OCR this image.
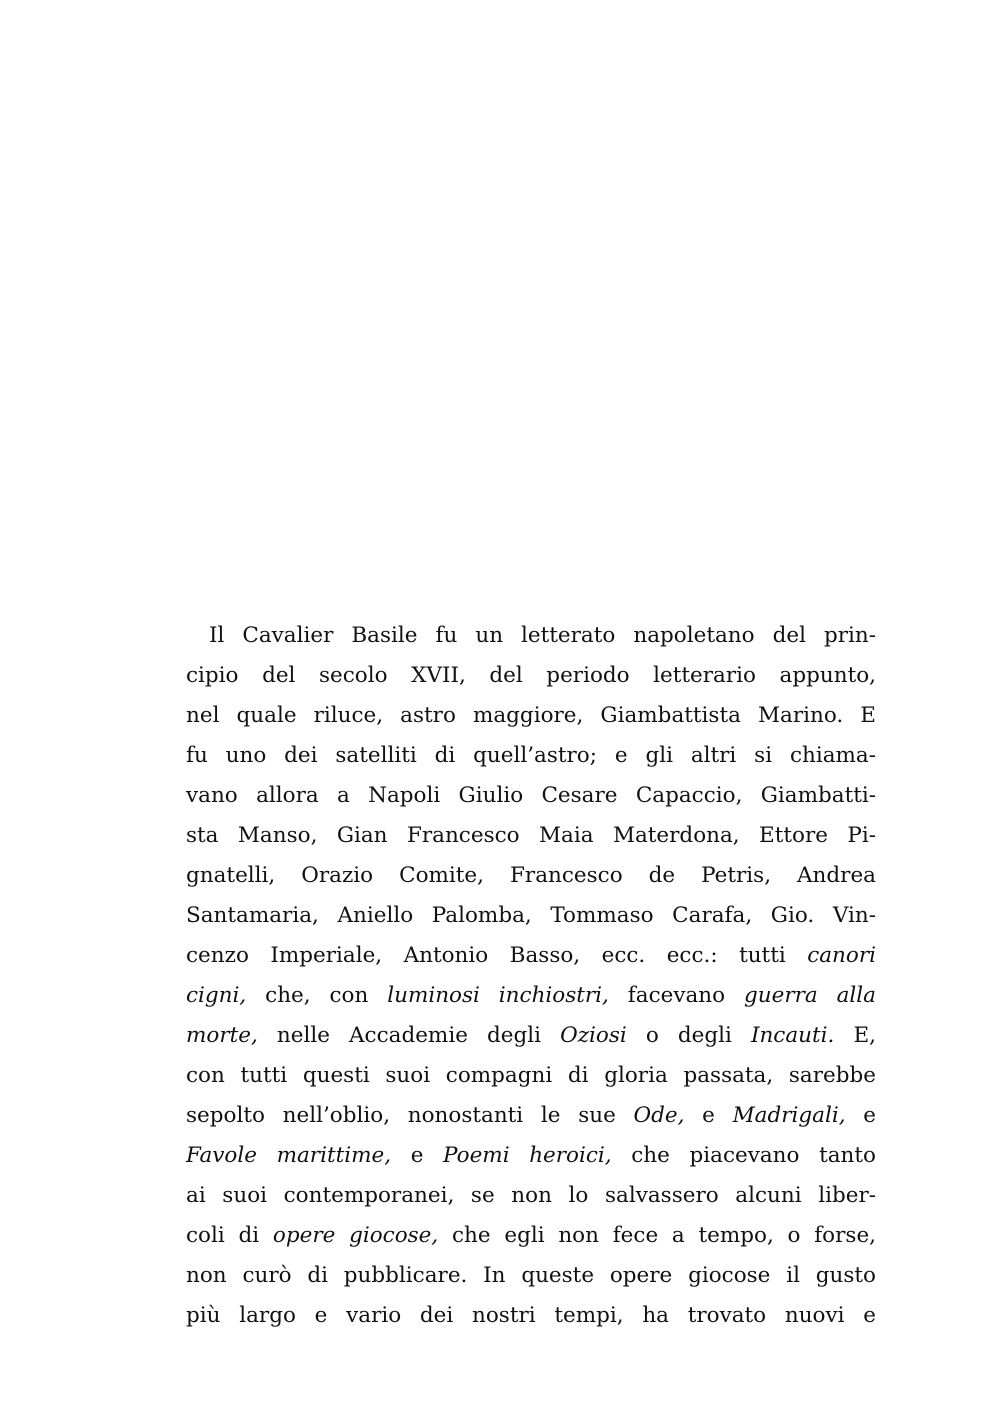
Il Cavalier Basile fu un letterato napoletano del prin-
cipio del secolo XVII, del periodo letterario appunto,
nel quale riluce, astro maggiore, Giambattista Marino. E
fu uno dei satelliti di quell’astro; e gli altri si chiama-
vano allora a Napoli Giulio Cesare Capaccio, Giambatti-
sta Manso, Gian Francesco Maia Materdona, Ettore Pi-
gnatelli, Orazio Comite, Francesco de Petris, Andrea
Santamaria, Aniello Palomba, Tommaso Carafa, Gio. Vin-
cenzo Imperiale, Antonio Basso, ecc. ecc.: tutti canori
cigni, che, con luminosi inchiostri, facevano guerra alla
morte, nelle Accademie degli Oziosi o degli Incauti. E,
con tutti questi suoi compagni di gloria passata, sarebbe
sepolto nell’oblio, nonostanti le sue Ode, e Madrigali, e
Favole marittime, e Poemi heroici, che piacevano tanto
ai suoi contemporanei, se non lo salvassero alcuni liber-
coli di opere giocose, che egli non fece a tempo, o forse,
non curò di pubblicare. In queste opere giocose il gusto
più largo e vario dei nostri tempi, ha trovato nuovi e
